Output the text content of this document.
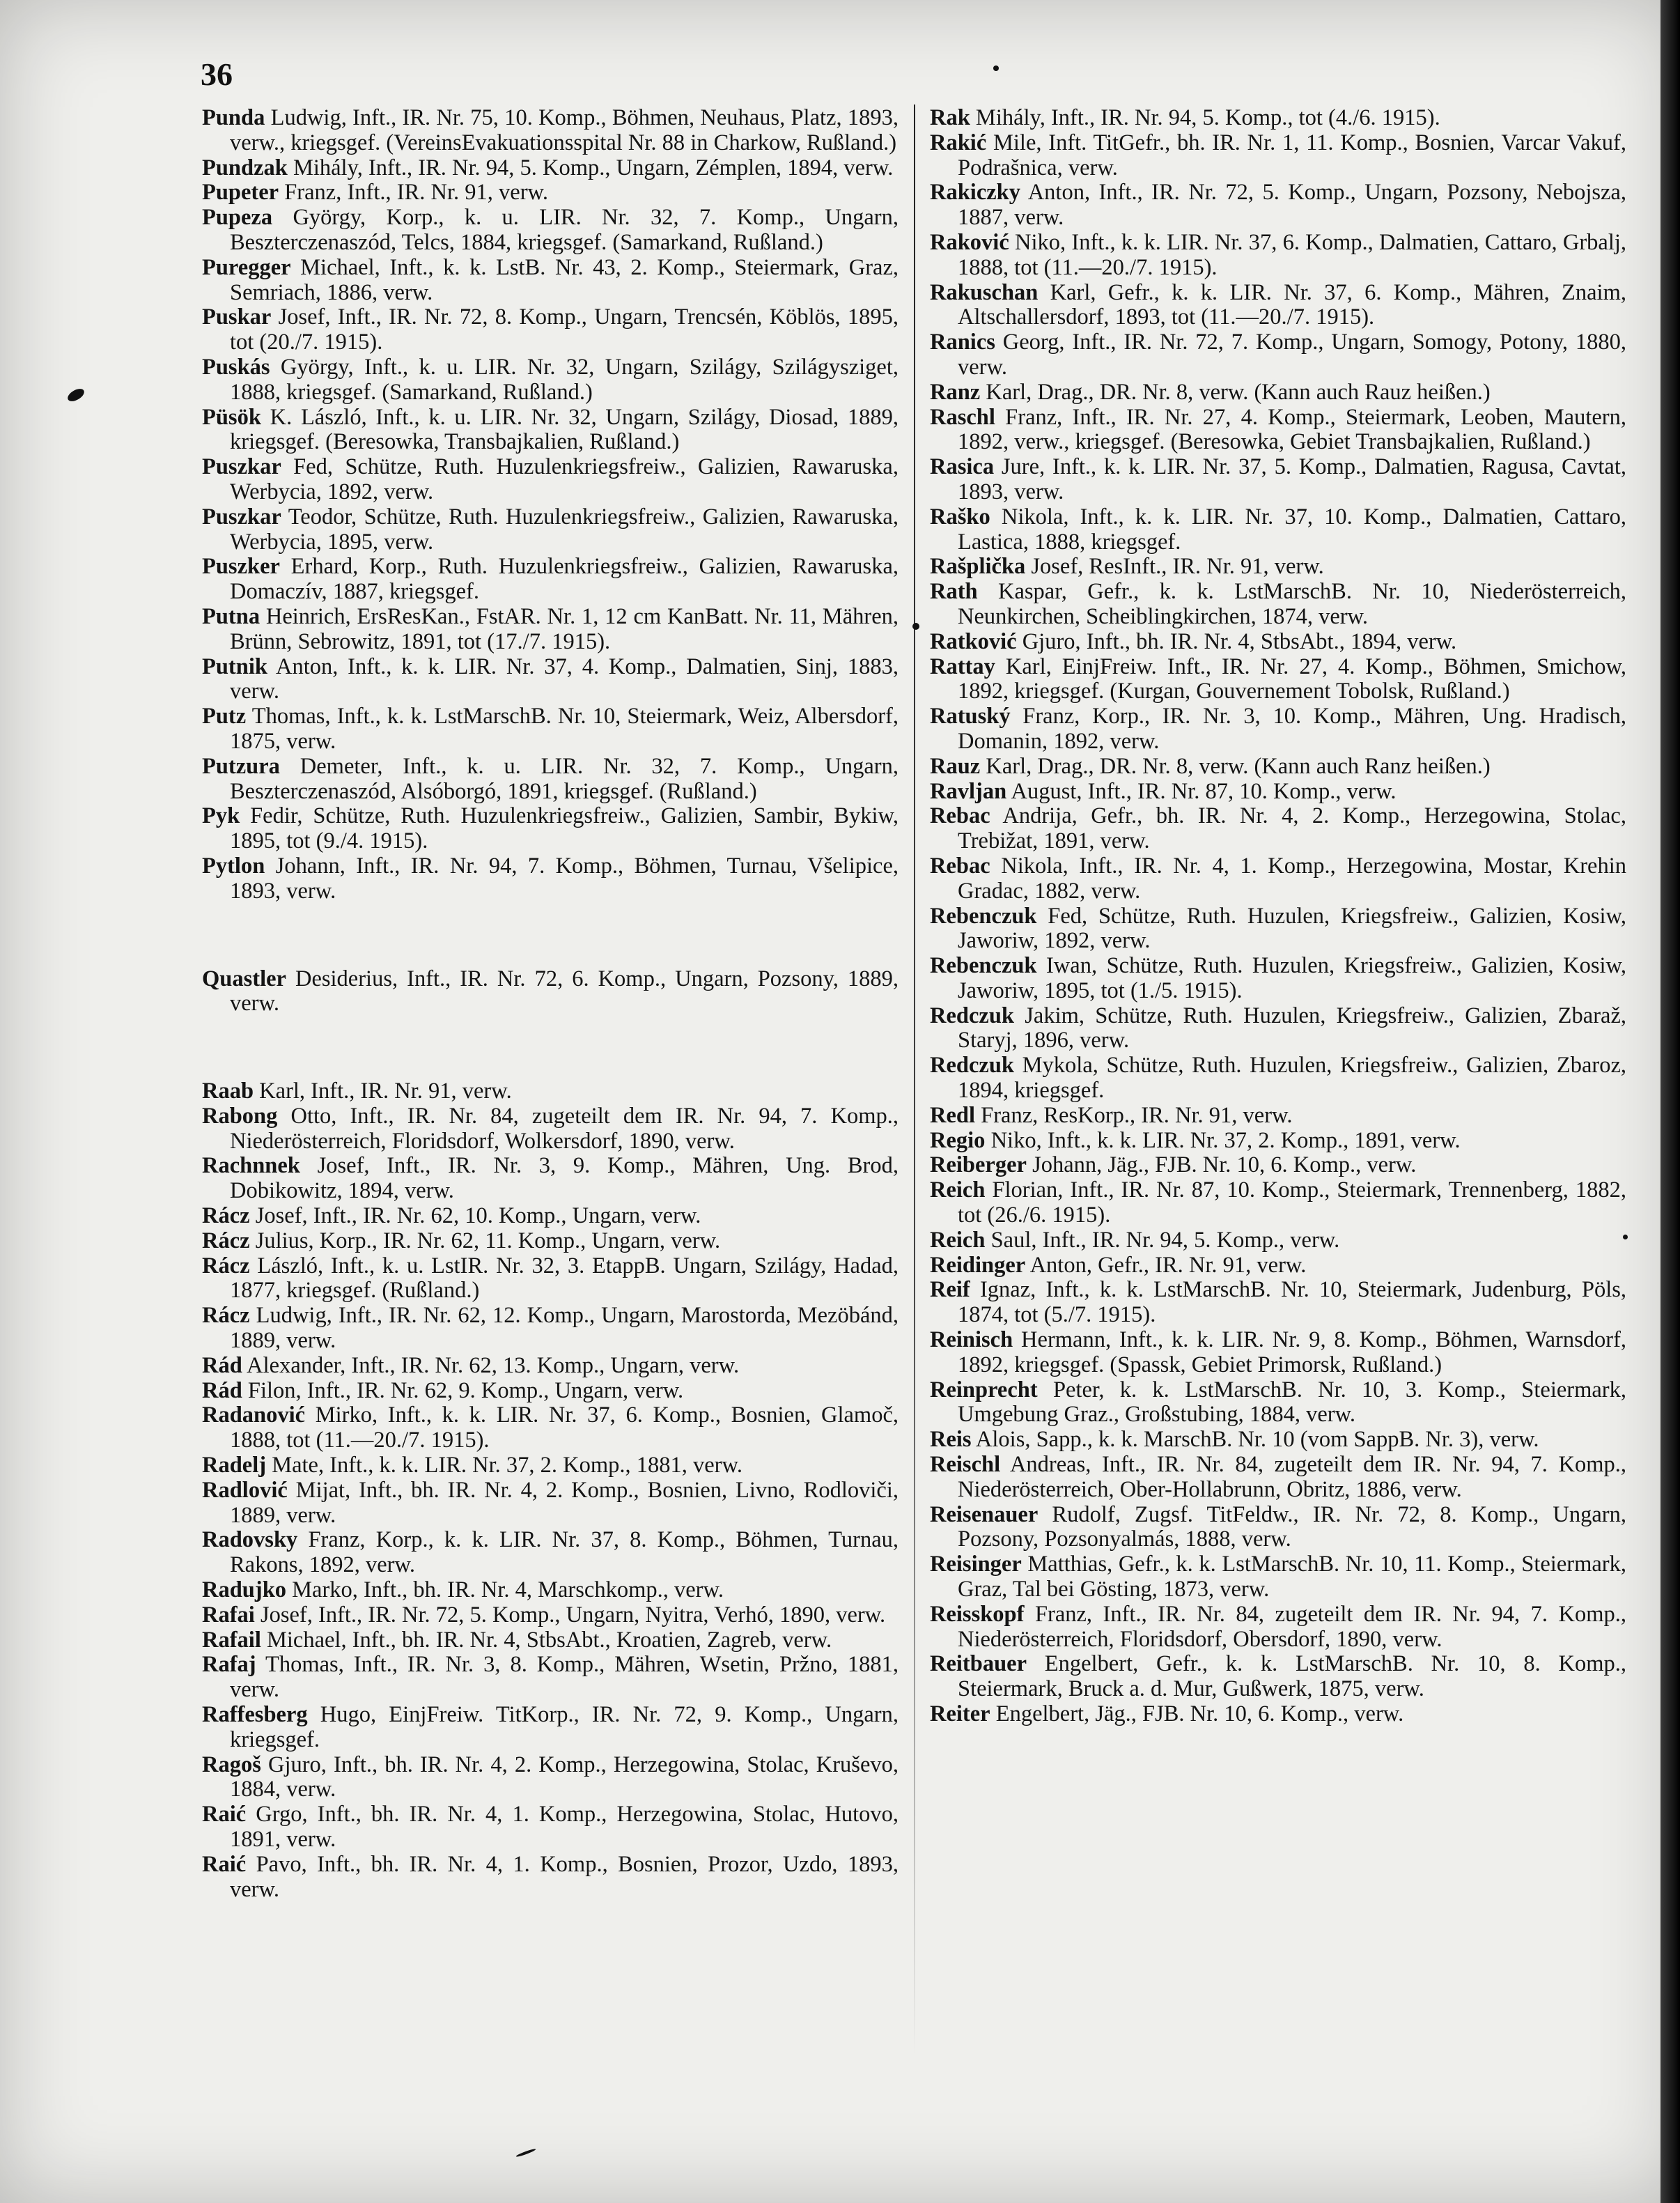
36

Punda Ludwig, Inft., IR. Nr. 75, 10. Komp., Böhmen, Neuhaus, Platz, 1893, verw., kriegsgef. (VereinsEvakuationsspital Nr. 88 in Charkow, Rußland.)

Pundzak Mihály, Inft., IR. Nr. 94, 5. Komp., Ungarn, Zémplen, 1894, verw.

Pupeter Franz, Inft., IR. Nr. 91, verw.

Pupeza György, Korp., k. u. LIR. Nr. 32, 7. Komp., Ungarn, Beszterczenaszód, Telcs, 1884, kriegsgef. (Samarkand, Rußland.)

Puregger Michael, Inft., k. k. LstB. Nr. 43, 2. Komp., Steiermark, Graz, Semriach, 1886, verw.

Puskar Josef, Inft., IR. Nr. 72, 8. Komp., Ungarn, Trencsén, Köblös, 1895, tot (20./7. 1915).

Puskás György, Inft., k. u. LIR. Nr. 32, Ungarn, Szilágy, Szilágysziget, 1888, kriegsgef. (Samarkand, Rußland.)

Püsök K. László, Inft., k. u. LIR. Nr. 32, Ungarn, Szilágy, Diosad, 1889, kriegsgef. (Beresowka, Transbajkalien, Rußland.)

Puszkar Fed, Schütze, Ruth. Huzulenkriegsfreiw., Galizien, Rawaruska, Werbycia, 1892, verw.

Puszkar Teodor, Schütze, Ruth. Huzulenkriegsfreiw., Galizien, Rawaruska, Werbycia, 1895, verw.

Puszker Erhard, Korp., Ruth. Huzulenkriegsfreiw., Galizien, Rawaruska, Domaczív, 1887, kriegsgef.

Putna Heinrich, ErsResKan., FstAR. Nr. 1, 12 cm KanBatt. Nr. 11, Mähren, Brünn, Sebrowitz, 1891, tot (17./7. 1915).

Putnik Anton, Inft., k. k. LIR. Nr. 37, 4. Komp., Dalmatien, Sinj, 1883, verw.

Putz Thomas, Inft., k. k. LstMarschB. Nr. 10, Steiermark, Weiz, Albersdorf, 1875, verw.

Putzura Demeter, Inft., k. u. LIR. Nr. 32, 7. Komp., Ungarn, Beszterczenaszód, Alsóborgó, 1891, kriegsgef. (Rußland.)

Pyk Fedir, Schütze, Ruth. Huzulenkriegsfreiw., Galizien, Sambir, Bykiw, 1895, tot (9./4. 1915).

Pytlon Johann, Inft., IR. Nr. 94, 7. Komp., Böhmen, Turnau, Všelipice, 1893, verw.

Quastler Desiderius, Inft., IR. Nr. 72, 6. Komp., Ungarn, Pozsony, 1889, verw.

Raab Karl, Inft., IR. Nr. 91, verw.

Rabong Otto, Inft., IR. Nr. 84, zugeteilt dem IR. Nr. 94, 7. Komp., Niederösterreich, Floridsdorf, Wolkersdorf, 1890, verw.

Rachnnek Josef, Inft., IR. Nr. 3, 9. Komp., Mähren, Ung. Brod, Dobikowitz, 1894, verw.

Rácz Josef, Inft., IR. Nr. 62, 10. Komp., Ungarn, verw.

Rácz Julius, Korp., IR. Nr. 62, 11. Komp., Ungarn, verw.

Rácz László, Inft., k. u. LstIR. Nr. 32, 3. EtappB. Ungarn, Szilágy, Hadad, 1877, kriegsgef. (Rußland.)

Rácz Ludwig, Inft., IR. Nr. 62, 12. Komp., Ungarn, Marostorda, Mezöbánd, 1889, verw.

Rád Alexander, Inft., IR. Nr. 62, 13. Komp., Ungarn, verw.

Rád Filon, Inft., IR. Nr. 62, 9. Komp., Ungarn, verw.

Radanović Mirko, Inft., k. k. LIR. Nr. 37, 6. Komp., Bosnien, Glamoč, 1888, tot (11.—20./7. 1915).

Radelj Mate, Inft., k. k. LIR. Nr. 37, 2. Komp., 1881, verw.

Radlović Mijat, Inft., bh. IR. Nr. 4, 2. Komp., Bosnien, Livno, Rodloviči, 1889, verw.

Radovsky Franz, Korp., k. k. LIR. Nr. 37, 8. Komp., Böhmen, Turnau, Rakons, 1892, verw.

Radujko Marko, Inft., bh. IR. Nr. 4, Marschkomp., verw.

Rafai Josef, Inft., IR. Nr. 72, 5. Komp., Ungarn, Nyitra, Verhó, 1890, verw.

Rafail Michael, Inft., bh. IR. Nr. 4, StbsAbt., Kroatien, Zagreb, verw.

Rafaj Thomas, Inft., IR. Nr. 3, 8. Komp., Mähren, Wsetin, Pržno, 1881, verw.

Raffesberg Hugo, EinjFreiw. TitKorp., IR. Nr. 72, 9. Komp., Ungarn, kriegsgef.

Ragoš Gjuro, Inft., bh. IR. Nr. 4, 2. Komp., Herzegowina, Stolac, Kruševo, 1884, verw.

Raić Grgo, Inft., bh. IR. Nr. 4, 1. Komp., Herzegowina, Stolac, Hutovo, 1891, verw.

Raić Pavo, Inft., bh. IR. Nr. 4, 1. Komp., Bosnien, Prozor, Uzdo, 1893, verw.

Rak Mihály, Inft., IR. Nr. 94, 5. Komp., tot (4./6. 1915).

Rakić Mile, Inft. TitGefr., bh. IR. Nr. 1, 11. Komp., Bosnien, Varcar Vakuf, Podrašnica, verw.

Rakiczky Anton, Inft., IR. Nr. 72, 5. Komp., Ungarn, Pozsony, Nebojsza, 1887, verw.

Raković Niko, Inft., k. k. LIR. Nr. 37, 6. Komp., Dalmatien, Cattaro, Grbalj, 1888, tot (11.—20./7. 1915).

Rakuschan Karl, Gefr., k. k. LIR. Nr. 37, 6. Komp., Mähren, Znaim, Altschallersdorf, 1893, tot (11.—20./7. 1915).

Ranics Georg, Inft., IR. Nr. 72, 7. Komp., Ungarn, Somogy, Potony, 1880, verw.

Ranz Karl, Drag., DR. Nr. 8, verw. (Kann auch Rauz heißen.)

Raschl Franz, Inft., IR. Nr. 27, 4. Komp., Steiermark, Leoben, Mautern, 1892, verw., kriegsgef. (Beresowka, Gebiet Transbajkalien, Rußland.)

Rasica Jure, Inft., k. k. LIR. Nr. 37, 5. Komp., Dalmatien, Ragusa, Cavtat, 1893, verw.

Raško Nikola, Inft., k. k. LIR. Nr. 37, 10. Komp., Dalmatien, Cattaro, Lastica, 1888, kriegsgef.

Rašplička Josef, ResInft., IR. Nr. 91, verw.

Rath Kaspar, Gefr., k. k. LstMarschB. Nr. 10, Niederösterreich, Neunkirchen, Scheiblingkirchen, 1874, verw.

Ratković Gjuro, Inft., bh. IR. Nr. 4, StbsAbt., 1894, verw.

Rattay Karl, EinjFreiw. Inft., IR. Nr. 27, 4. Komp., Böhmen, Smichow, 1892, kriegsgef. (Kurgan, Gouvernement Tobolsk, Rußland.)

Ratuský Franz, Korp., IR. Nr. 3, 10. Komp., Mähren, Ung. Hradisch, Domanin, 1892, verw.

Rauz Karl, Drag., DR. Nr. 8, verw. (Kann auch Ranz heißen.)

Ravljan August, Inft., IR. Nr. 87, 10. Komp., verw.

Rebac Andrija, Gefr., bh. IR. Nr. 4, 2. Komp., Herzegowina, Stolac, Trebižat, 1891, verw.

Rebac Nikola, Inft., IR. Nr. 4, 1. Komp., Herzegowina, Mostar, Krehin Gradac, 1882, verw.

Rebenczuk Fed, Schütze, Ruth. Huzulen, Kriegsfreiw., Galizien, Kosiw, Jaworiw, 1892, verw.

Rebenczuk Iwan, Schütze, Ruth. Huzulen, Kriegsfreiw., Galizien, Kosiw, Jaworiw, 1895, tot (1./5. 1915).

Redczuk Jakim, Schütze, Ruth. Huzulen, Kriegsfreiw., Galizien, Zbaraž, Staryj, 1896, verw.

Redczuk Mykola, Schütze, Ruth. Huzulen, Kriegsfreiw., Galizien, Zbaroz, 1894, kriegsgef.

Redl Franz, ResKorp., IR. Nr. 91, verw.

Regio Niko, Inft., k. k. LIR. Nr. 37, 2. Komp., 1891, verw.

Reiberger Johann, Jäg., FJB. Nr. 10, 6. Komp., verw.

Reich Florian, Inft., IR. Nr. 87, 10. Komp., Steiermark, Trennenberg, 1882, tot (26./6. 1915).

Reich Saul, Inft., IR. Nr. 94, 5. Komp., verw.

Reidinger Anton, Gefr., IR. Nr. 91, verw.

Reif Ignaz, Inft., k. k. LstMarschB. Nr. 10, Steiermark, Judenburg, Pöls, 1874, tot (5./7. 1915).

Reinisch Hermann, Inft., k. k. LIR. Nr. 9, 8. Komp., Böhmen, Warnsdorf, 1892, kriegsgef. (Spassk, Gebiet Primorsk, Rußland.)

Reinprecht Peter, k. k. LstMarschB. Nr. 10, 3. Komp., Steiermark, Umgebung Graz., Großstubing, 1884, verw.

Reis Alois, Sapp., k. k. MarschB. Nr. 10 (vom SappB. Nr. 3), verw.

Reischl Andreas, Inft., IR. Nr. 84, zugeteilt dem IR. Nr. 94, 7. Komp., Niederösterreich, Ober-Hollabrunn, Obritz, 1886, verw.

Reisenauer Rudolf, Zugsf. TitFeldw., IR. Nr. 72, 8. Komp., Ungarn, Pozsony, Pozsonyalmás, 1888, verw.

Reisinger Matthias, Gefr., k. k. LstMarschB. Nr. 10, 11. Komp., Steiermark, Graz, Tal bei Gösting, 1873, verw.

Reisskopf Franz, Inft., IR. Nr. 84, zugeteilt dem IR. Nr. 94, 7. Komp., Niederösterreich, Floridsdorf, Obersdorf, 1890, verw.

Reitbauer Engelbert, Gefr., k. k. LstMarschB. Nr. 10, 8. Komp., Steiermark, Bruck a. d. Mur, Gußwerk, 1875, verw.

Reiter Engelbert, Jäg., FJB. Nr. 10, 6. Komp., verw.
